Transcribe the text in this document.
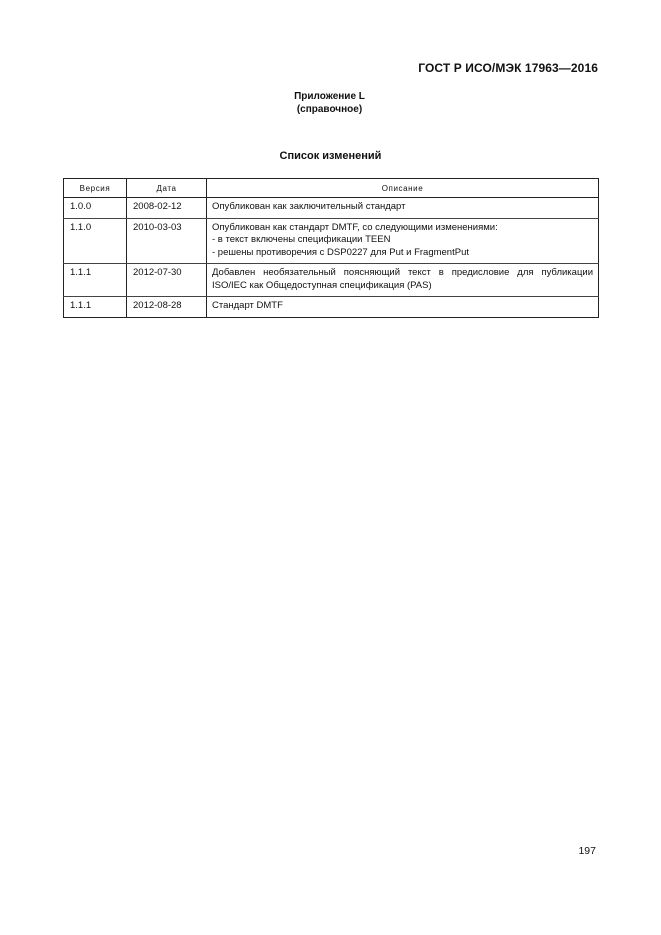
ГОСТ Р ИСО/МЭК 17963—2016
Приложение L
(справочное)
Список изменений
Версия	Дата	Описание
1.0.0	2008-02-12	Опубликован как заключительный стандарт

1.1.0	2010-03-03	Опубликован как стандарт DMTF, со следующими изменениями:
- в текст включены спецификации TEEN
- решены противоречия с DSP0227 для Put и FragmentPut

1.1.1	2012-07-30	Добавлен необязательный поясняющий текст в предисловие для публикации ISO/IEC как Общедоступная спецификация (PAS)

1.1.1	2012-08-28	Стандарт DMTF
197
